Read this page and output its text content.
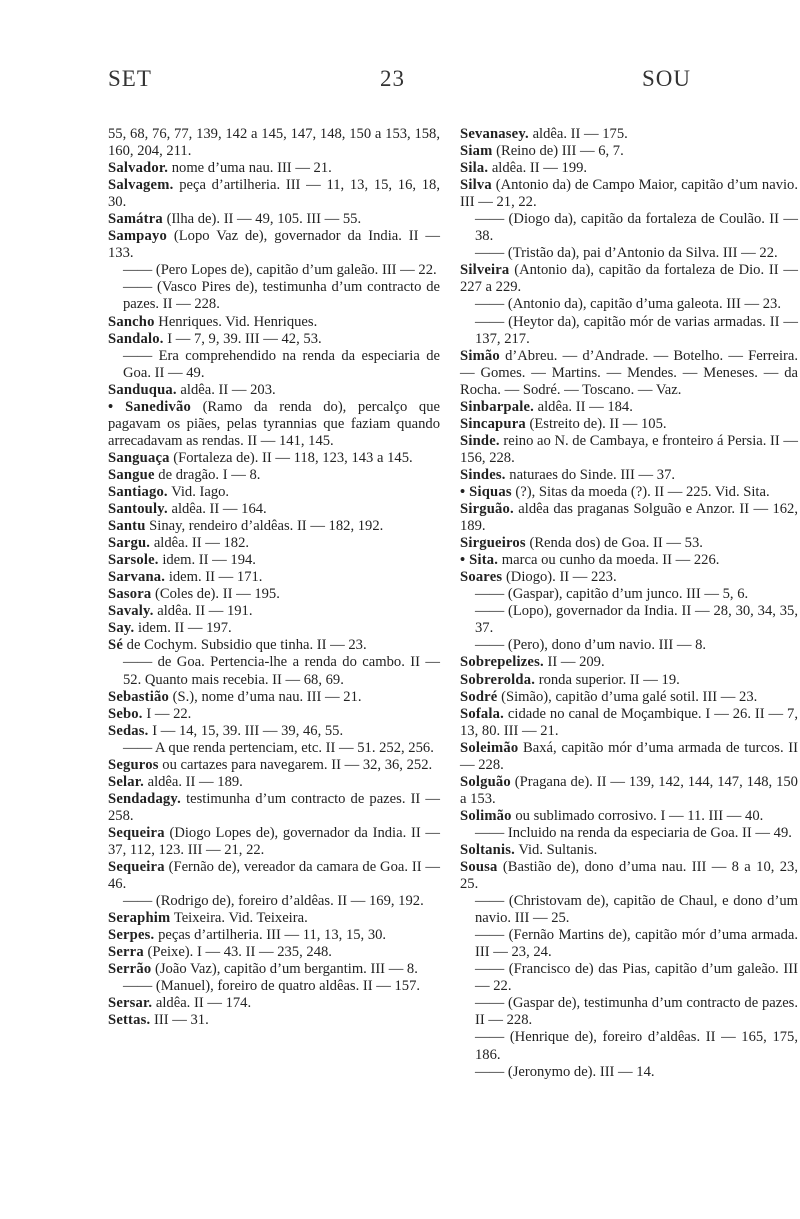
SET	23	SOU

55, 68, 76, 77, 139, 142 a 145, 147, 148, 150 a 153, 158, 160, 204, 211.

Salvador. nome d’uma nau. III — 21.

Salvagem. peça d’artilheria. III — 11, 13, 15, 16, 18, 30.

Samátra (Ilha de). II — 49, 105. III — 55.

Sampayo (Lopo Vaz de), governador da India. II — 133.

—— (Pero Lopes de), capitão d’um galeão. III — 22.

—— (Vasco Pires de), testimunha d’um contracto de pazes. II — 228.

Sancho Henriques. Vid. Henriques.

Sandalo. I — 7, 9, 39. III — 42, 53.

—— Era comprehendido na renda da especiaria de Goa. II — 49.

Sanduqua. aldêa. II — 203.

• Sanedivão (Ramo da renda do), percalço que pagavam os piães, pelas tyrannias que faziam quando arrecadavam as rendas. II — 141, 145.

Sanguaça (Fortaleza de). II — 118, 123, 143 a 145.

Sangue de dragão. I — 8.

Santiago. Vid. Iago.

Santouly. aldêa. II — 164.

Santu Sinay, rendeiro d’aldêas. II — 182, 192.

Sargu. aldêa. II — 182.

Sarsole. idem. II — 194.

Sarvana. idem. II — 171.

Sasora (Coles de). II — 195.

Savaly. aldêa. II — 191.

Say. idem. II — 197.

Sé de Cochym. Subsidio que tinha. II — 23.

—— de Goa. Pertencia-lhe a renda do cambo. II — 52. Quanto mais recebia. II — 68, 69.

Sebastião (S.), nome d’uma nau. III — 21.

Sebo. I — 22.

Sedas. I — 14, 15, 39. III — 39, 46, 55.

—— A que renda pertenciam, etc. II — 51. 252, 256.

Seguros ou cartazes para navegarem. II — 32, 36, 252.

Selar. aldêa. II — 189.

Sendadagy. testimunha d’um contracto de pazes. II — 258.

Sequeira (Diogo Lopes de), governador da India. II — 37, 112, 123. III — 21, 22.

Sequeira (Fernão de), vereador da camara de Goa. II — 46.

—— (Rodrigo de), foreiro d’aldêas. II — 169, 192.

Seraphim Teixeira. Vid. Teixeira.

Serpes. peças d’artilheria. III — 11, 13, 15, 30.

Serra (Peixe). I — 43. II — 235, 248.

Serrão (João Vaz), capitão d’um bergantim. III — 8.

—— (Manuel), foreiro de quatro aldêas. II — 157.

Sersar. aldêa. II — 174.

Settas. III — 31.

Sevanasey. aldêa. II — 175.

Siam (Reino de) III — 6, 7.

Sila. aldêa. II — 199.

Silva (Antonio da) de Campo Maior, capitão d’um navio. III — 21, 22.

—— (Diogo da), capitão da fortaleza de Coulão. II — 38.

—— (Tristão da), pai d’Antonio da Silva. III — 22.

Silveira (Antonio da), capitão da fortaleza de Dio. II — 227 a 229.

—— (Antonio da), capitão d’uma galeota. III — 23.

—— (Heytor da), capitão mór de varias armadas. II — 137, 217.

Simão d’Abreu. — d’Andrade. — Botelho. — Ferreira. — Gomes. — Martins. — Mendes. — Meneses. — da Rocha. — Sodré. — Toscano. — Vaz.

Sinbarpale. aldêa. II — 184.

Sincapura (Estreito de). II — 105.

Sinde. reino ao N. de Cambaya, e fronteiro á Persia. II — 156, 228.

Sindes. naturaes do Sinde. III — 37.

• Siquas (?), Sitas da moeda (?). II — 225. Vid. Sita.

Sirguão. aldêa das praganas Solguão e Anzor. II — 162, 189.

Sirgueiros (Renda dos) de Goa. II — 53.

• Sita. marca ou cunho da moeda. II — 226.

Soares (Diogo). II — 223.

—— (Gaspar), capitão d’um junco. III — 5, 6.

—— (Lopo), governador da India. II — 28, 30, 34, 35, 37.

—— (Pero), dono d’um navio. III — 8.

Sobrepelizes. II — 209.

Sobreroldа. ronda superior. II — 19.

Sodré (Simão), capitão d’uma galé sotil. III — 23.

Sofala. cidade no canal de Moçambique. I — 26. II — 7, 13, 80. III — 21.

Soleimão Baxá, capitão mór d’uma armada de turcos. II — 228.

Solguão (Pragana de). II — 139, 142, 144, 147, 148, 150 a 153.

Solimão ou sublimado corrosivo. I — 11. III — 40.

—— Incluido na renda da especiaria de Goa. II — 49.

Soltanis. Vid. Sultanis.

Sousa (Bastião de), dono d’uma nau. III — 8 a 10, 23, 25.

—— (Christovam de), capitão de Chaul, e dono d’um navio. III — 25.

—— (Fernão Martins de), capitão mór d’uma armada. III — 23, 24.

—— (Francisco de) das Pias, capitão d’um galeão. III — 22.

—— (Gaspar de), testimunha d’um contracto de pazes. II — 228.

—— (Henrique de), foreiro d’aldêas. II — 165, 175, 186.

—— (Jeronymo de). III — 14.
